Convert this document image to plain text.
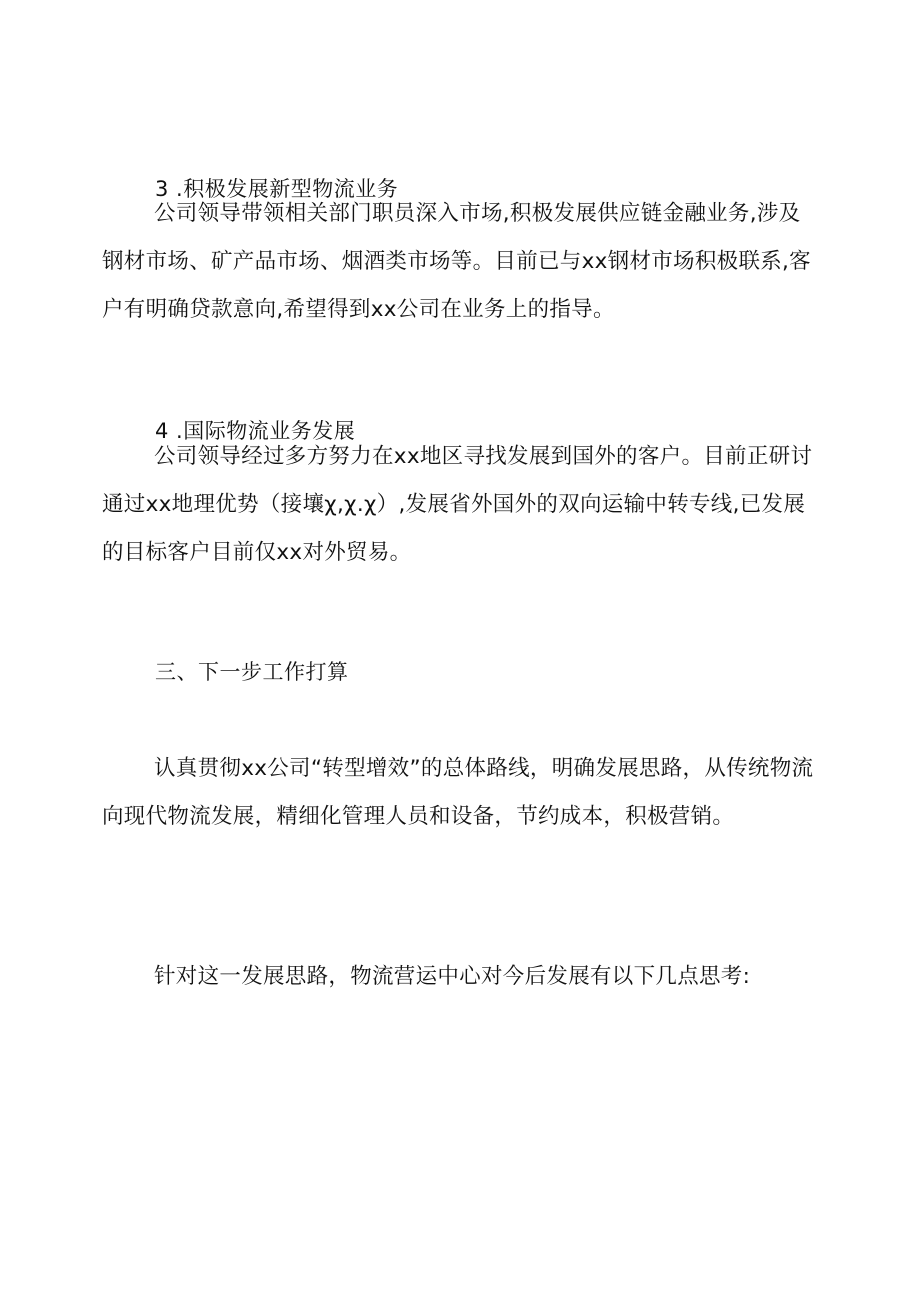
3 .积极发展新型物流业务
公司领导带领相关部门职员深入市场,积极发展供应链金融业务,涉及钢材市场、矿产品市场、烟酒类市场等。目前已与xx钢材市场积极联系,客户有明确贷款意向,希望得到xx公司在业务上的指导。
4 .国际物流业务发展
公司领导经过多方努力在xx地区寻找发展到国外的客户。目前正研讨通过xx地理优势（接壤χ,χ.χ）,发展省外国外的双向运输中转专线,已发展的目标客户目前仅xx对外贸易。
三、下一步工作打算
认真贯彻xx公司“转型增效”的总体路线，明确发展思路，从传统物流向现代物流发展，精细化管理人员和设备，节约成本，积极营销。
针对这一发展思路，物流营运中心对今后发展有以下几点思考:
